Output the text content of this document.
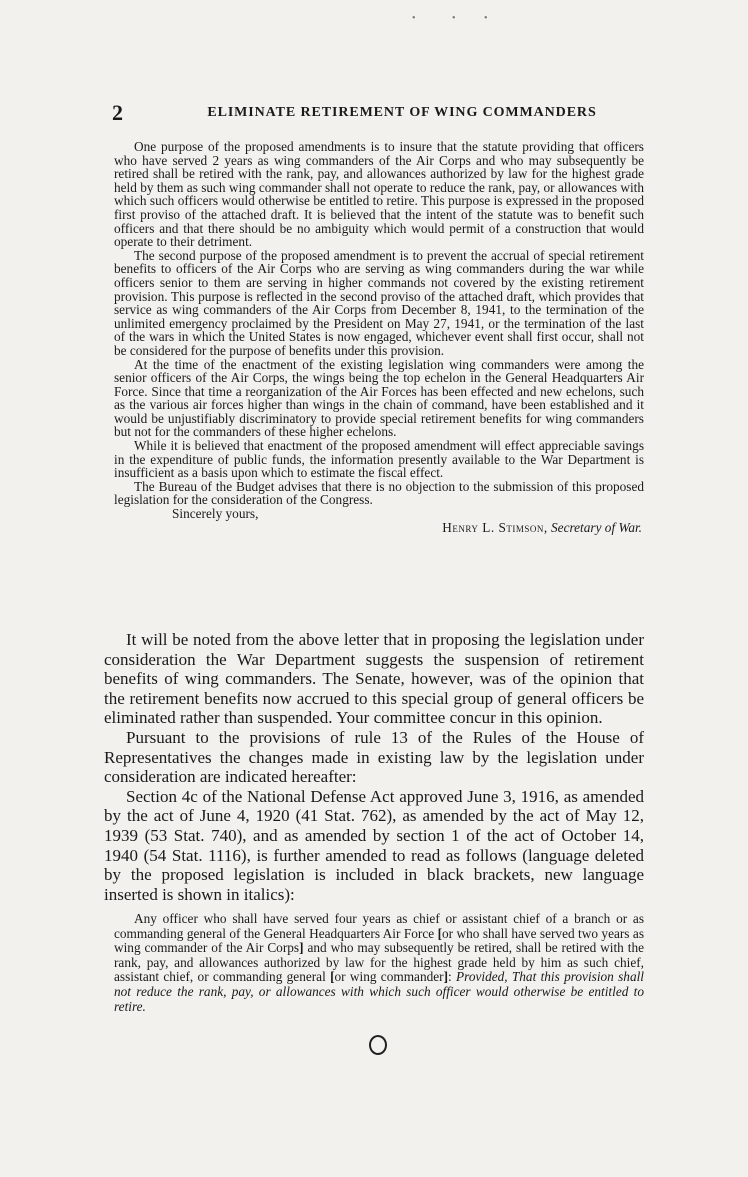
•	•	•
2	ELIMINATE RETIREMENT OF WING COMMANDERS

One purpose of the proposed amendments is to insure that the statute providing that officers who have served 2 years as wing commanders of the Air Corps and who may subsequently be retired shall be retired with the rank, pay, and allowances authorized by law for the highest grade held by them as such wing commander shall not operate to reduce the rank, pay, or allowances with which such officers would otherwise be entitled to retire. This purpose is expressed in the proposed first proviso of the attached draft. It is believed that the intent of the statute was to benefit such officers and that there should be no ambiguity which would permit of a construction that would operate to their detriment.

The second purpose of the proposed amendment is to prevent the accrual of special retirement benefits to officers of the Air Corps who are serving as wing commanders during the war while officers senior to them are serving in higher commands not covered by the existing retirement provision. This purpose is reflected in the second proviso of the attached draft, which provides that service as wing commanders of the Air Corps from December 8, 1941, to the termination of the unlimited emergency proclaimed by the President on May 27, 1941, or the termination of the last of the wars in which the United States is now engaged, whichever event shall first occur, shall not be considered for the purpose of benefits under this provision.

At the time of the enactment of the existing legislation wing commanders were among the senior officers of the Air Corps, the wings being the top echelon in the General Headquarters Air Force. Since that time a reorganization of the Air Forces has been effected and new echelons, such as the various air forces higher than wings in the chain of command, have been established and it would be unjustifiably discriminatory to provide special retirement benefits for wing commanders but not for the commanders of these higher echelons.

While it is believed that enactment of the proposed amendment will effect appreciable savings in the expenditure of public funds, the information presently available to the War Department is insufficient as a basis upon which to estimate the fiscal effect.

The Bureau of the Budget advises that there is no objection to the submission of this proposed legislation for the consideration of the Congress.

Sincerely yours,

Henry L. Stimson, Secretary of War.

It will be noted from the above letter that in proposing the legislation under consideration the War Department suggests the suspension of retirement benefits of wing commanders. The Senate, however, was of the opinion that the retirement benefits now accrued to this special group of general officers be eliminated rather than suspended. Your committee concur in this opinion.

Pursuant to the provisions of rule 13 of the Rules of the House of Representatives the changes made in existing law by the legislation under consideration are indicated hereafter:

Section 4c of the National Defense Act approved June 3, 1916, as amended by the act of June 4, 1920 (41 Stat. 762), as amended by the act of May 12, 1939 (53 Stat. 740), and as amended by section 1 of the act of October 14, 1940 (54 Stat. 1116), is further amended to read as follows (language deleted by the proposed legislation is included in black brackets, new language inserted is shown in italics):

Any officer who shall have served four years as chief or assistant chief of a branch or as commanding general of the General Headquarters Air Force [or who shall have served two years as wing commander of the Air Corps] and who may subsequently be retired, shall be retired with the rank, pay, and allowances authorized by law for the highest grade held by him as such chief, assistant chief, or commanding general [or wing commander]: Provided, That this provision shall not reduce the rank, pay, or allowances with which such officer would otherwise be entitled to retire.
